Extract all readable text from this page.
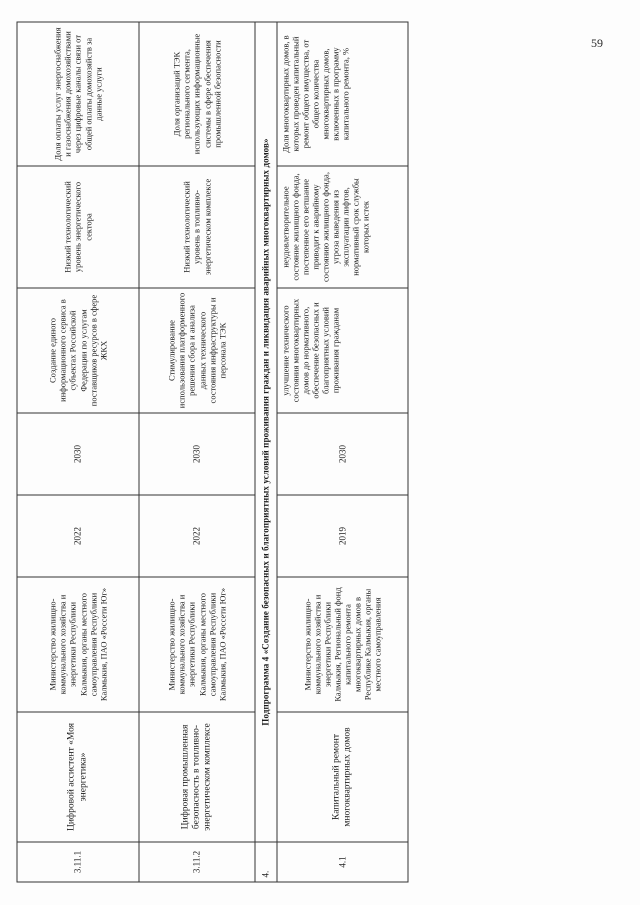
59
3.11.1	Цифровой ассистент «Моя энергетика»	Министерство жилищно-коммунального хозяйства и энергетики Республики Калмыкия, органы местного самоуправления Республики Калмыкия, ПАО «Россети Юг»	2022	2030	Создание единого информационного сервиса в субъектах Российской Федерации по услугам поставщиков ресурсов в сфере ЖКХ	Низкий технологический уровень энергетического сектора	Доля оплаты услуг энергоснабжения и газоснабжения домохозяйствами через цифровые каналы связи от общей оплаты домохозяйств за данные услуги
3.11.2	Цифровая промышленная безопасность в топливно-энергетическом комплексе	Министерство жилищно-коммунального хозяйства и энергетики Республики Калмыкия, органы местного самоуправления Республики Калмыкия, ПАО «Россети Юг»	2022	2030	Стимулирование использования платформенного решения сбора и анализа данных технического состояния инфраструктуры и персонала ТЭК	Низкий технологический уровень в топливно-энергетическом комплексе	Доля организаций ТЭК регионального сегмента, использующих информационные системы в сфере обеспечения промышленной безопасности
4.	Подпрограмма 4 «Создание безопасных и благоприятных условий проживания граждан и ликвидация аварийных многоквартирных домов»						
4.1	Капитальный ремонт многоквартирных домов	Министерство жилищно-коммунального хозяйства и энергетики Республики Калмыкия, Региональный фонд капитального ремонта многоквартирных домов в Республике Калмыкия, органы местного самоуправления	2019	2030	улучшение технического состояния многоквартирных домов до нормативного, обеспечение безопасных и благоприятных условий проживания гражданам	неудовлетворительное состояние жилищного фонда, постепенное его ветшание приводит к аварийному состоянию жилищного фонда, угроза выведения из эксплуатации лифтов, нормативный срок службы которых истек	Доля многоквартирных домов, в которых проведен капитальный ремонт общего имущества, от общего количества многоквартирных домов, включенных в программу капитального ремонта, %
